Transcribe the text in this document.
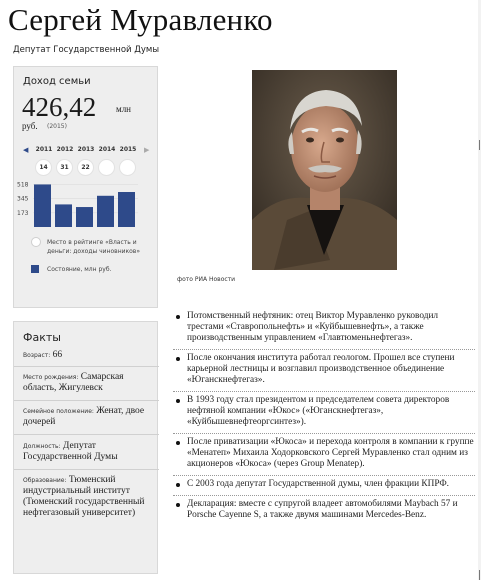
Сергей Муравленко
Депутат Государственной Думы
Доход семьи
426,42 млн
руб. (2015)
◀	2011 2012 2013 2014 2015	▶
14	31	22
518
345
173
Место в рейтинге «Власть и деньги: доходы чиновников»
Состояние, млн руб.
фото РИА Новости
Факты
Возраст: 66
Место рождения: Самарская область, Жигулевск
Семейное положение: Женат, двое дочерей
Должность: Депутат Государственной Думы
Образование: Тюменский индустриальный институт (Тюменский государственный нефтегазовый университет)
Потомственный нефтяник: отец Виктор Муравленко руководил трестами «Ставропольнефть» и «Куйбышевнефть», а также производственным управлением «Главтюменьнефтегаз».
После окончания института работал геологом. Прошел все ступени карьерной лестницы и возглавил производственное объединение «Юганскнефтегаз».
В 1993 году стал президентом и председателем совета директоров нефтяной компании «Юкос» («Юганскнефтегаз», «Куйбышевнефтеоргсинтез»).
После приватизации «Юкоса» и перехода контроля в компании к группе «Менатеп» Михаила Ходорковского Сергей Муравленко стал одним из акционеров «Юкоса» (через Group Menatep).
С 2003 года депутат Государственной думы, член фракции КПРФ.
Декларация: вместе с супругой владеет автомобилями Maybach 57 и Porsche Cayenne S, а также двумя машинами Mercedes-Benz.
